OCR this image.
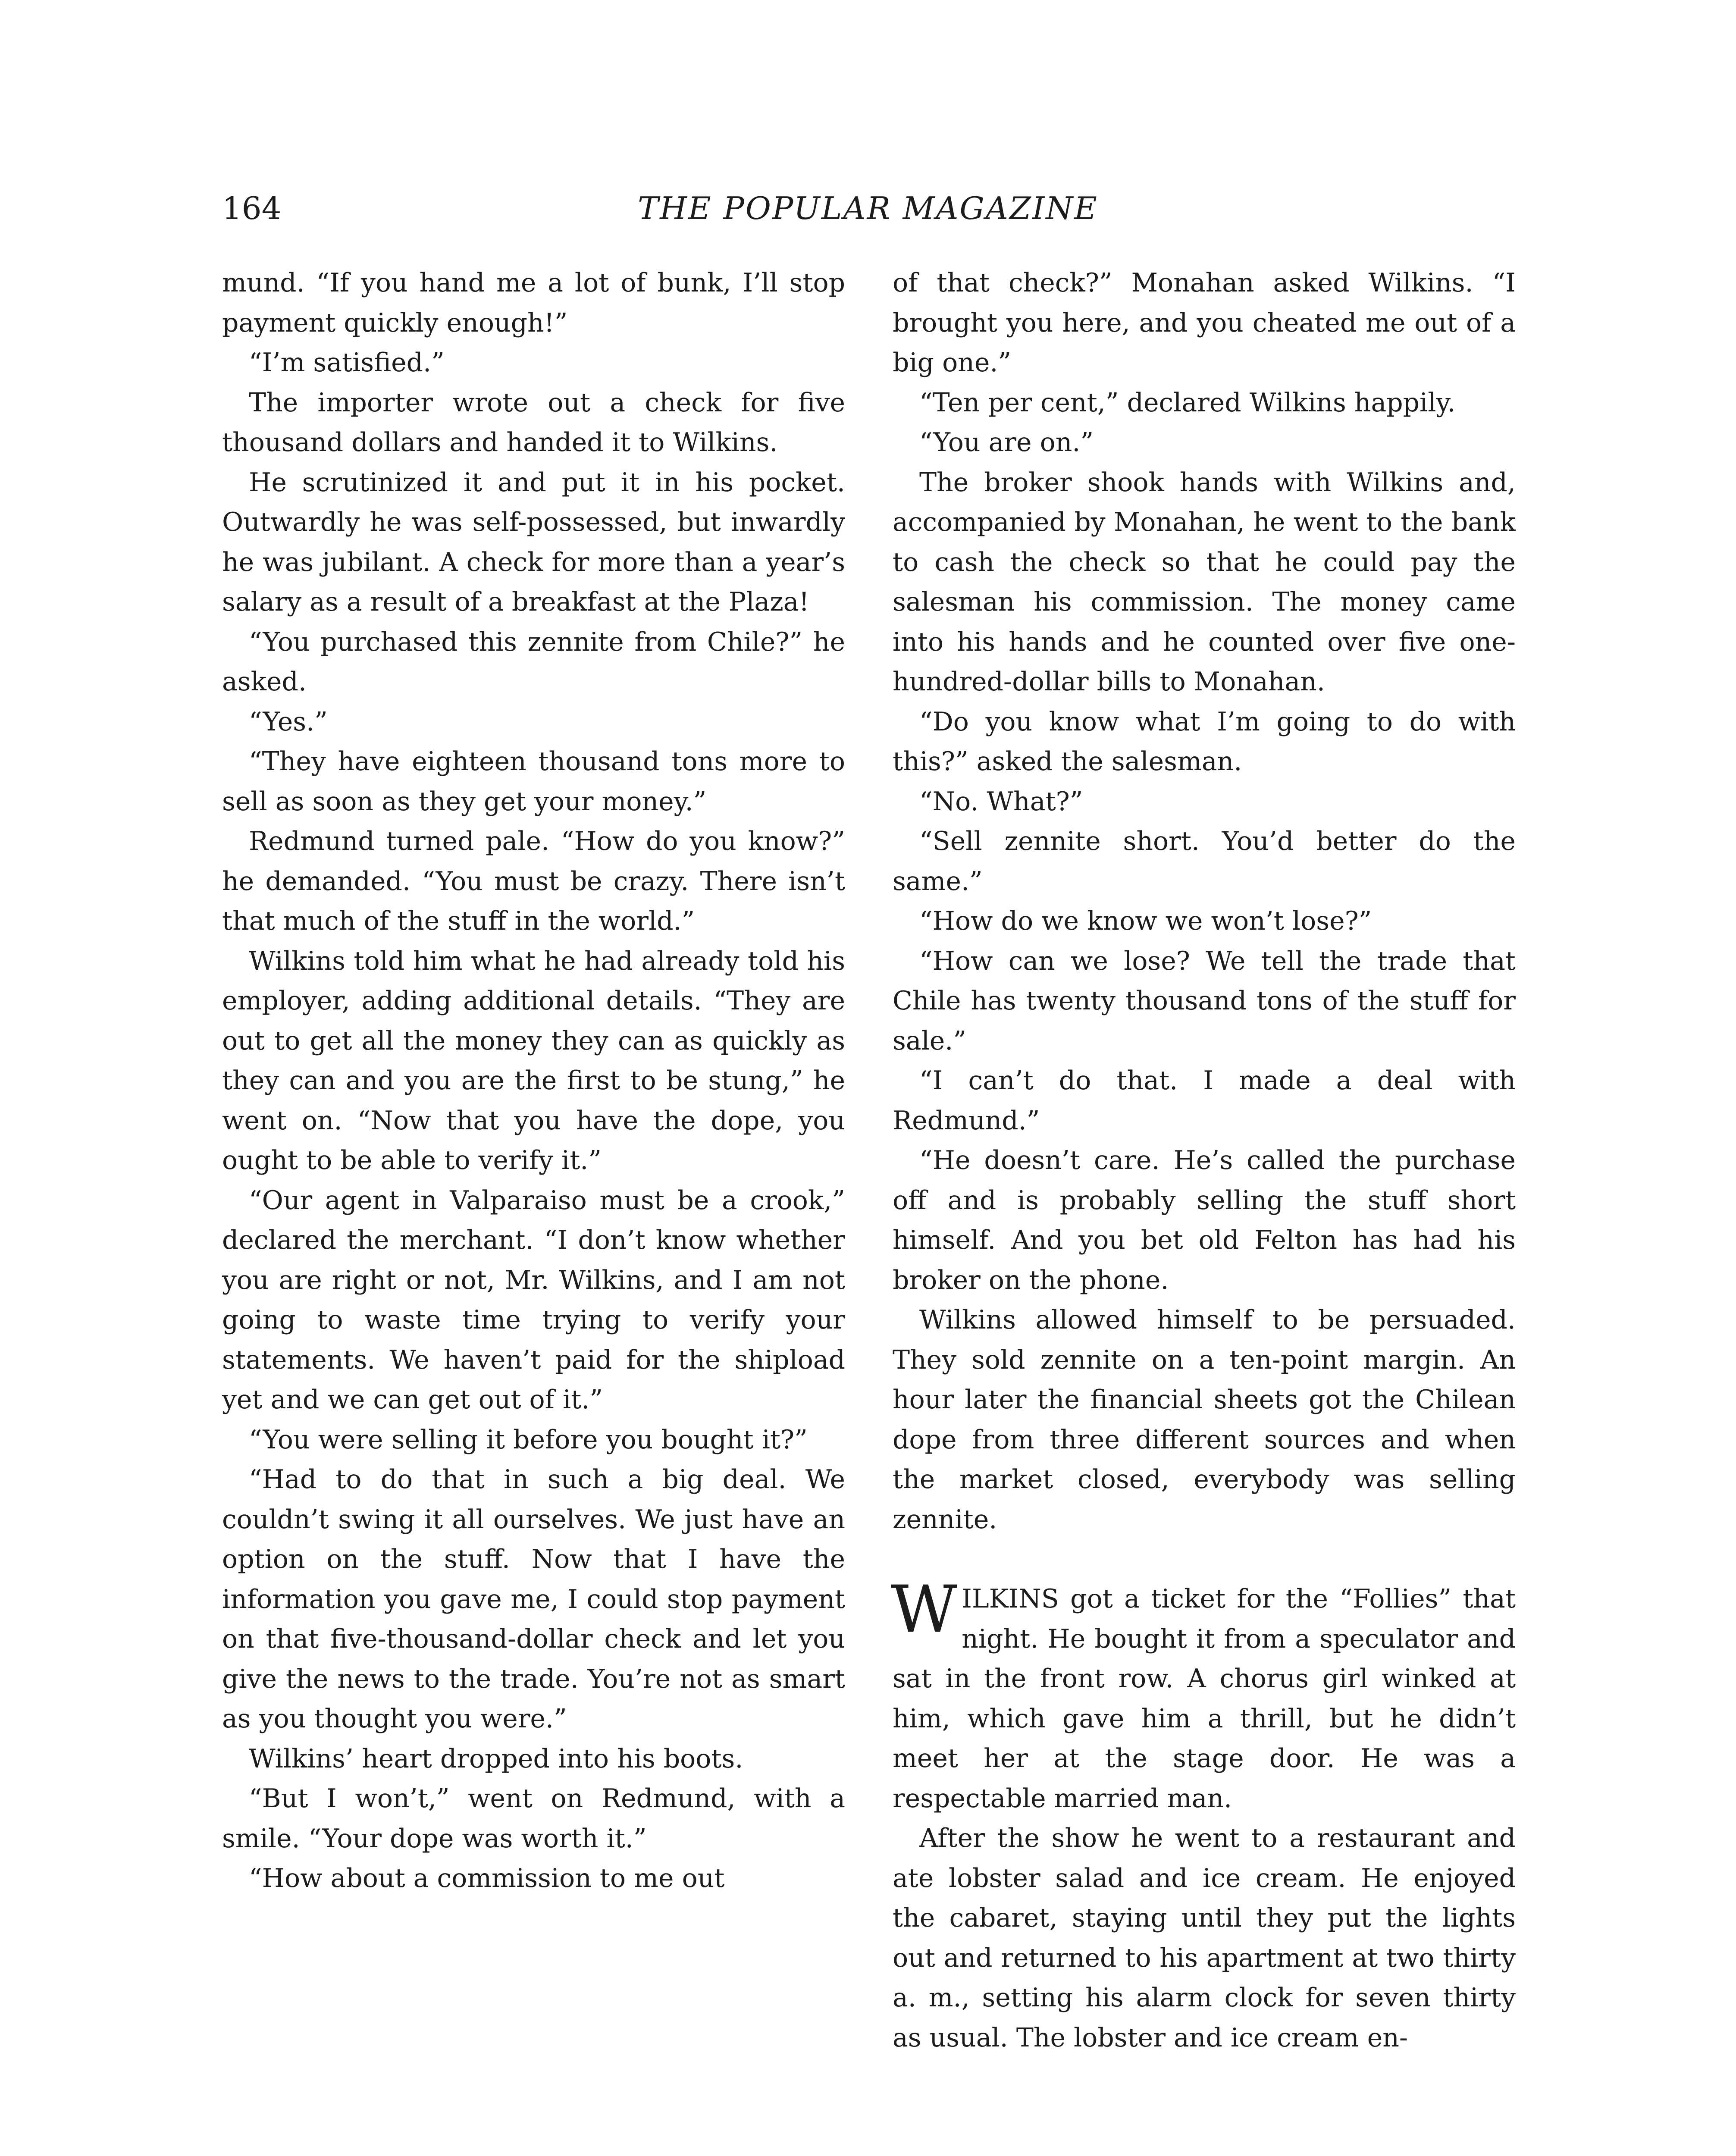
164	THE POPULAR MAGAZINE

mund. “If you hand me a lot of bunk, I’ll stop payment quickly enough!”

“I’m satisfied.”

The importer wrote out a check for five thousand dollars and handed it to Wilkins.

He scrutinized it and put it in his pocket. Outwardly he was self-possessed, but inwardly he was jubilant. A check for more than a year’s salary as a result of a breakfast at the Plaza!

“You purchased this zennite from Chile?” he asked.

“Yes.”

“They have eighteen thousand tons more to sell as soon as they get your money.”

Redmund turned pale. “How do you know?” he demanded. “You must be crazy. There isn’t that much of the stuff in the world.”

Wilkins told him what he had already told his employer, adding additional details. “They are out to get all the money they can as quickly as they can and you are the first to be stung,” he went on. “Now that you have the dope, you ought to be able to verify it.”

“Our agent in Valparaiso must be a crook,” declared the merchant. “I don’t know whether you are right or not, Mr. Wilkins, and I am not going to waste time trying to verify your statements. We haven’t paid for the shipload yet and we can get out of it.”

“You were selling it before you bought it?”

“Had to do that in such a big deal. We couldn’t swing it all ourselves. We just have an option on the stuff. Now that I have the information you gave me, I could stop payment on that five-thousand-dollar check and let you give the news to the trade. You’re not as smart as you thought you were.”

Wilkins’ heart dropped into his boots.

“But I won’t,” went on Redmund, with a smile. “Your dope was worth it.”

“How about a commission to me out

of that check?” Monahan asked Wilkins. “I brought you here, and you cheated me out of a big one.”

“Ten per cent,” declared Wilkins happily.

“You are on.”

The broker shook hands with Wilkins and, accompanied by Monahan, he went to the bank to cash the check so that he could pay the salesman his commission. The money came into his hands and he counted over five one-hundred-dollar bills to Monahan.

“Do you know what I’m going to do with this?” asked the salesman.

“No. What?”

“Sell zennite short. You’d better do the same.”

“How do we know we won’t lose?”

“How can we lose? We tell the trade that Chile has twenty thousand tons of the stuff for sale.”

“I can’t do that. I made a deal with Redmund.”

“He doesn’t care. He’s called the purchase off and is probably selling the stuff short himself. And you bet old Felton has had his broker on the phone.

Wilkins allowed himself to be persuaded. They sold zennite on a ten-point margin. An hour later the financial sheets got the Chilean dope from three different sources and when the market closed, everybody was selling zennite.

WILKINS got a ticket for the “Follies” that night. He bought it from a speculator and sat in the front row. A chorus girl winked at him, which gave him a thrill, but he didn’t meet her at the stage door. He was a respectable married man.

After the show he went to a restaurant and ate lobster salad and ice cream. He enjoyed the cabaret, staying until they put the lights out and returned to his apartment at two thirty a. m., setting his alarm clock for seven thirty as usual. The lobster and ice cream en-
